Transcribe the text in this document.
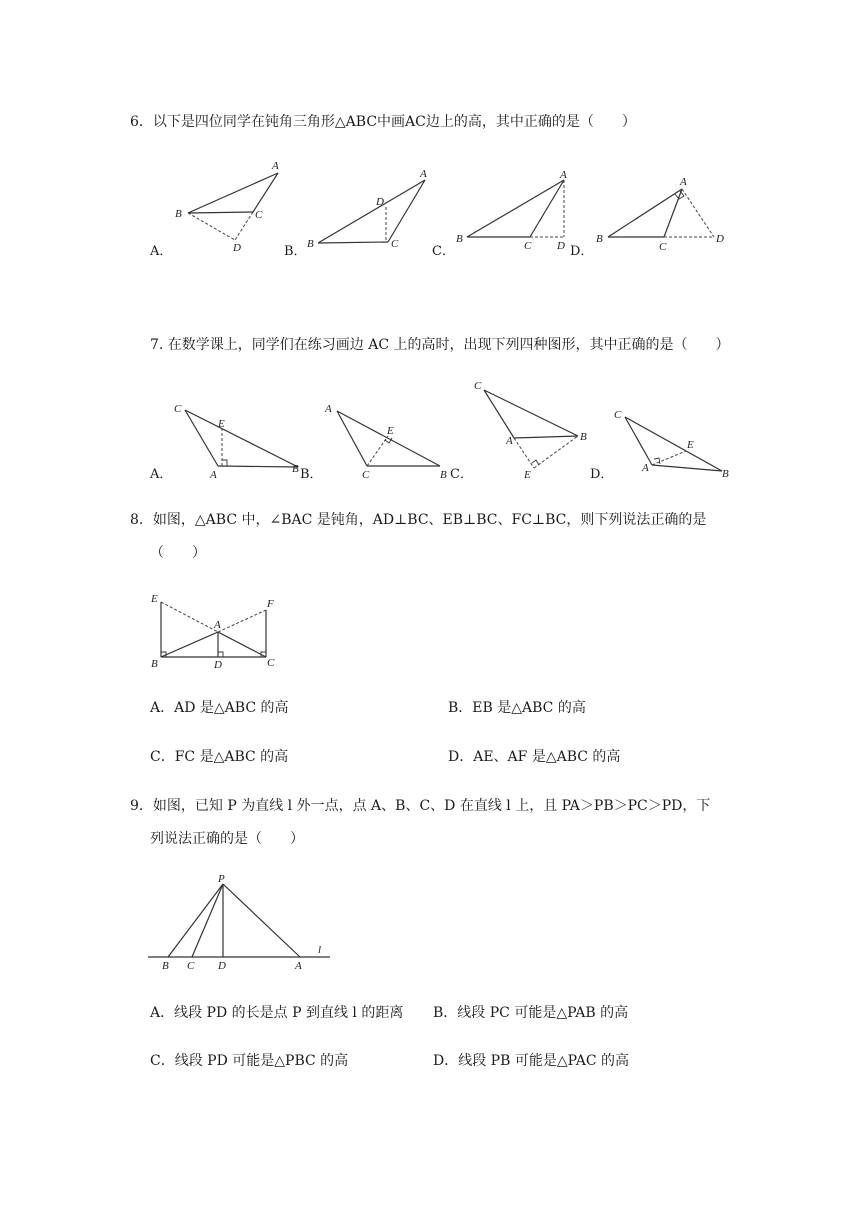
6．以下是四位同学在钝角三角形△ABC中画AC边上的高，其中正确的是（　　）
A．
A
B	C
D	B．
A
B	C
D
C．
A
B
C D D．
A
B
C
D
7. 在数学课上，同学们在练习画边 AC 上的高时，出现下列四种图形，其中正确的是（　　）
A．
C
E
A	B B．
A
E
C	B C．
C
A	B
E	D．
C
E
A	B
8．如图，△ABC 中，∠BAC 是钝角，AD⊥BC、EB⊥BC、FC⊥BC，则下列说法正确的是
（　　）
E	F
A
B	D	C
A．AD 是△ABC 的高	B．EB 是△ABC 的高
C．FC 是△ABC 的高	D．AE、AF 是△ABC 的高
9．如图，已知 P 为直线 l 外一点，点 A、B、C、D 在直线 l 上，且 PA＞PB＞PC＞PD，下
列说法正确的是（　　）
P
l
B C D	A
A．线段 PD 的长是点 P 到直线 l 的距离 B．线段 PC 可能是△PAB 的高
C．线段 PD 可能是△PBC 的高	D．线段 PB 可能是△PAC 的高
